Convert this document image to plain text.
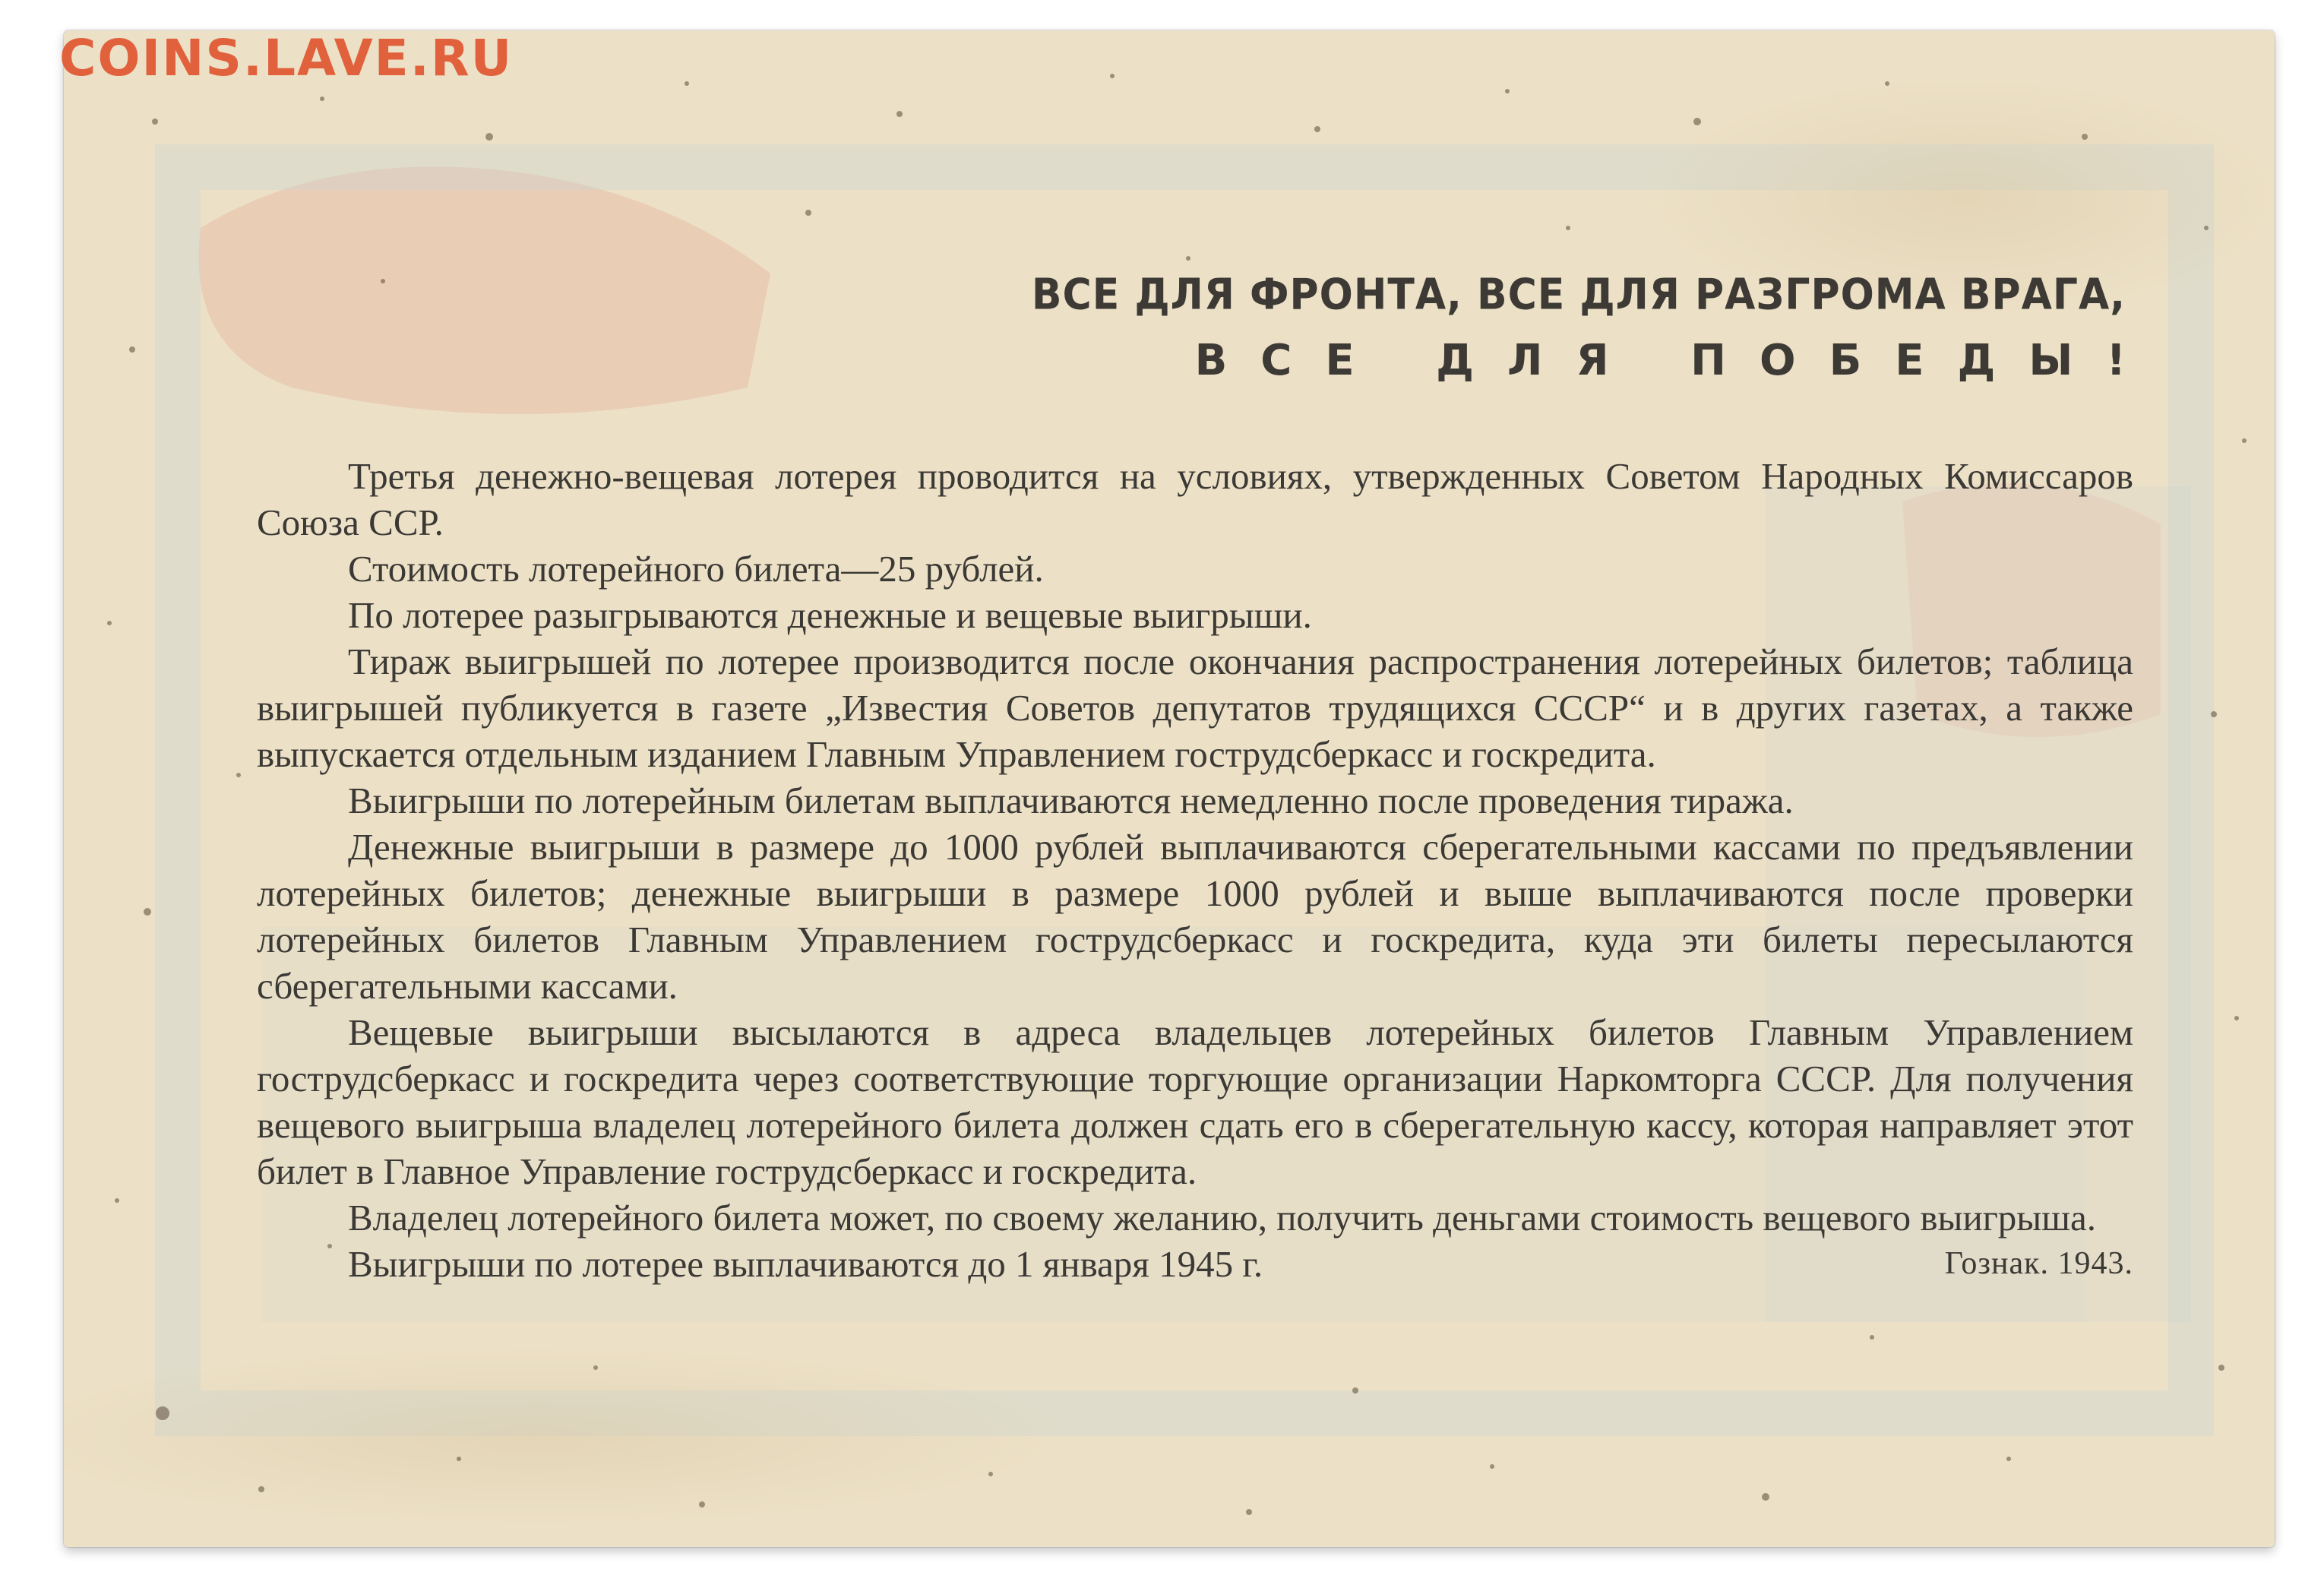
COINS.LAVE.RU
ВСЕ ДЛЯ ФРОНТА, ВСЕ ДЛЯ РАЗГРОМА ВРАГА,
ВСЕ ДЛЯ ПОБЕДЫ!

Третья денежно-вещевая лотерея проводится на условиях, утвержденных Советом Народных Комиссаров Союза ССР.

Стоимость лотерейного билета—25 рублей.

По лотерее разыгрываются денежные и вещевые выигрыши.

Тираж выигрышей по лотерее производится после окончания распространения лотерейных билетов; таблица выигрышей публикуется в газете „Известия Советов депутатов трудящихся СССР“ и в других газетах, а также выпускается отдельным изданием Главным Управлением гострудсберкасс и госкредита.

Выигрыши по лотерейным билетам выплачиваются немедленно после проведения тиража.

Денежные выигрыши в размере до 1000 рублей выплачиваются сберегательными кассами по предъявлении лотерейных билетов; денежные выигрыши в размере 1000 рублей и выше выплачиваются после проверки лотерейных билетов Главным Управлением гострудсберкасс и госкредита, куда эти билеты пересылаются сберегательными кассами.

Вещевые выигрыши высылаются в адреса владельцев лотерейных билетов Главным Управлением гострудсберкасс и госкредита через соответствующие торгующие организации Наркомторга СССР. Для получения вещевого выигрыша владелец лотерейного билета должен сдать его в сберегательную кассу, которая направляет этот билет в Главное Управление гострудсберкасс и госкредита.

Владелец лотерейного билета может, по своему желанию, получить деньгами стоимость вещевого выигрыша.

Выигрыши по лотерее выплачиваются до 1 января 1945 г.	Гознак. 1943.
